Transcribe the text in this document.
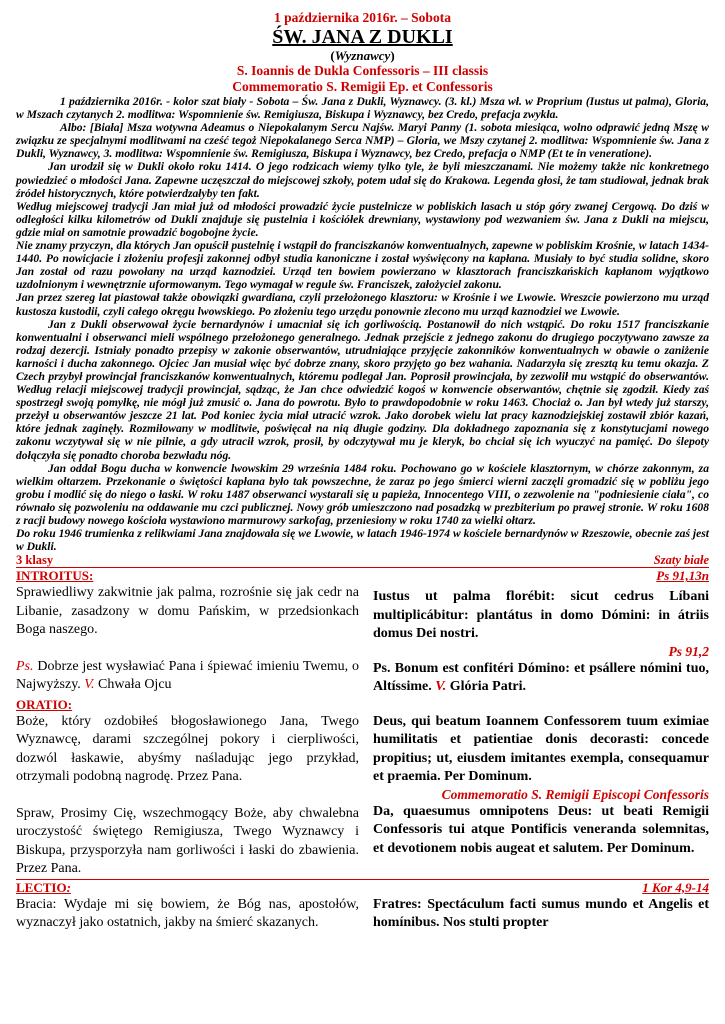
1 października 2016r. – Sobota
ŚW. JANA Z DUKLI
(Wyznawcy)
S. Ioannis de Dukla Confessoris – III classis
Commemoratio S. Remigii Ep. et Confessoris

1 października 2016r. - kolor szat biały - Sobota – Św. Jana z Dukli, Wyznawcy. (3. kl.) Msza wł. w Proprium (Iustus ut palma), Gloria, w Mszach czytanych 2. modlitwa: Wspomnienie św. Remigiusza, Biskupa i Wyznawcy, bez Credo, prefacja zwykła.

Albo: [Biała] Msza wotywna Adeamus o Niepokalanym Sercu Najśw. Maryi Panny (1. sobota miesiąca, wolno odprawić jedną Mszę w związku ze specjalnymi modlitwami na cześć tegoż Niepokalanego Serca NMP) – Gloria, we Mszy czytanej 2. modlitwa: Wspomnienie św. Jana z Dukli, Wyznawcy, 3. modlitwa: Wspomnienie św. Remigiusza, Biskupa i Wyznawcy, bez Credo, prefacja o NMP (Et te in veneratione).

Jan urodził się w Dukli około roku 1414. O jego rodzicach wiemy tylko tyle, że byli mieszczanami. Nie możemy także nic konkretnego powiedzieć o młodości Jana. Zapewne uczęszczał do miejscowej szkoły, potem udał się do Krakowa. Legenda głosi, że tam studiował, jednak brak źródeł historycznych, które potwierdzałyby ten fakt.

Według miejscowej tradycji Jan miał już od młodości prowadzić życie pustelnicze w pobliskich lasach u stóp góry zwanej Cergową. Do dziś w odległości kilku kilometrów od Dukli znajduje się pustelnia i kościółek drewniany, wystawiony pod wezwaniem św. Jana z Dukli na miejscu, gdzie miał on samotnie prowadzić bogobojne życie.

Nie znamy przyczyn, dla których Jan opuścił pustelnię i wstąpił do franciszkanów konwentualnych, zapewne w pobliskim Krośnie, w latach 1434-1440. Po nowicjacie i złożeniu profesji zakonnej odbył studia kanoniczne i został wyświęcony na kapłana. Musiały to być studia solidne, skoro Jan został od razu powołany na urząd kaznodziei. Urząd ten bowiem powierzano w klasztorach franciszkańskich kapłanom wyjątkowo uzdolnionym i wewnętrznie uformowanym. Tego wymagał w regule św. Franciszek, założyciel zakonu.

Jan przez szereg lat piastował także obowiązki gwardiana, czyli przełożonego klasztoru: w Krośnie i we Lwowie. Wreszcie powierzono mu urząd kustosza kustodii, czyli całego okręgu lwowskiego. Po złożeniu tego urzędu ponownie zlecono mu urząd kaznodziei we Lwowie.

Jan z Dukli obserwował życie bernardynów i umacniał się ich gorliwością. Postanowił do nich wstąpić. Do roku 1517 franciszkanie konwentualni i obserwanci mieli wspólnego przełożonego generalnego. Jednak przejście z jednego zakonu do drugiego poczytywano zawsze za rodzaj dezercji. Istniały ponadto przepisy w zakonie obserwantów, utrudniające przyjęcie zakonników konwentualnych w obawie o zaniżenie karności i ducha zakonnego. Ojciec Jan musiał więc być dobrze znany, skoro przyjęto go bez wahania. Nadarzyła się zresztą ku temu okazja. Z Czech przybył prowincjał franciszkanów konwentualnych, któremu podlegał Jan. Poprosił prowincjała, by zezwolił mu wstąpić do obserwantów. Według relacji miejscowej tradycji prowincjał, sądząc, że Jan chce odwiedzić kogoś w konwencie obserwantów, chętnie się zgodził. Kiedy zaś spostrzegł swoją pomyłkę, nie mógł już zmusić o. Jana do powrotu. Było to prawdopodobnie w roku 1463. Chociaż o. Jan był wtedy już starszy, przeżył u obserwantów jeszcze 21 lat. Pod koniec życia miał utracić wzrok. Jako dorobek wielu lat pracy kaznodziejskiej zostawił zbiór kazań, które jednak zaginęły. Rozmiłowany w modlitwie, poświęcał na nią długie godziny. Dla dokładnego zapoznania się z konstytucjami nowego zakonu wczytywał się w nie pilnie, a gdy utracił wzrok, prosił, by odczytywał mu je kleryk, bo chciał się ich wyuczyć na pamięć. Do ślepoty dołączyła się ponadto choroba bezwładu nóg.

Jan oddał Bogu ducha w konwencie lwowskim 29 września 1484 roku. Pochowano go w kościele klasztornym, w chórze zakonnym, za wielkim ołtarzem. Przekonanie o świętości kapłana było tak powszechne, że zaraz po jego śmierci wierni zaczęli gromadzić się w pobliżu jego grobu i modlić się do niego o łaski. W roku 1487 obserwanci wystarali się u papieża, Innocentego VIII, o zezwolenie na "podniesienie ciała", co równało się pozwoleniu na oddawanie mu czci publicznej. Nowy grób umieszczono nad posadzką w prezbiterium po prawej stronie. W roku 1608 z racji budowy nowego kościoła wystawiono marmurowy sarkofag, przeniesiony w roku 1740 za wielki ołtarz.

Do roku 1946 trumienka z relikwiami Jana znajdowała się we Lwowie, w latach 1946-1974 w kościele bernardynów w Rzeszowie, obecnie zaś jest w Dukli.

3 klasy	Szaty białe
INTROITUS:	Ps 91,13n
Sprawiedliwy zakwitnie jak palma, rozrośnie się jak cedr na Libanie, zasadzony w domu Pańskim, w przedsionkach Boga naszego.
Ps. Dobrze jest wysławiać Pana i śpiewać imieniu Twemu, o Najwyższy. V. Chwała Ojcu
Iustus ut palma florébit: sicut cedrus Líbani multiplicábitur: plantátus in domo Dómini: in átriis domus Dei nostri.
Ps 91,2
Ps. Bonum est confitéri Dómino: et psállere nómini tuo, Altíssime. V. Glória Patri.
ORATIO:
Boże, który ozdobiłeś błogosławionego Jana, Twego Wyznawcę, darami szczególnej pokory i cierpliwości, dozwól łaskawie, abyśmy naśladując jego przykład, otrzymali podobną nagrodę. Przez Pana.
Spraw, Prosimy Cię, wszechmogący Boże, aby chwalebna uroczystość świętego Remigiusza, Twego Wyznawcy i Biskupa, przysporzyła nam gorliwości i łaski do zbawienia. Przez Pana.
Deus, qui beatum Ioannem Confessorem tuum eximiae humilitatis et patientiae donis decorasti: concede propitius; ut, eiusdem imitantes exempla, consequamur et praemia. Per Dominum.
Commemoratio S. Remigii Episcopi Confessoris
Da, quaesumus omnipotens Deus: ut beati Remigii Confessoris tui atque Pontificis veneranda solemnitas, et devotionem nobis augeat et salutem. Per Dominum.
LECTIO:	1 Kor 4,9-14
Bracia: Wydaje mi się bowiem, że Bóg nas, apostołów, wyznaczył jako ostatnich, jakby na śmierć skazanych.
Fratres: Spectáculum facti sumus mundo et Angelis et homínibus. Nos stulti propter
